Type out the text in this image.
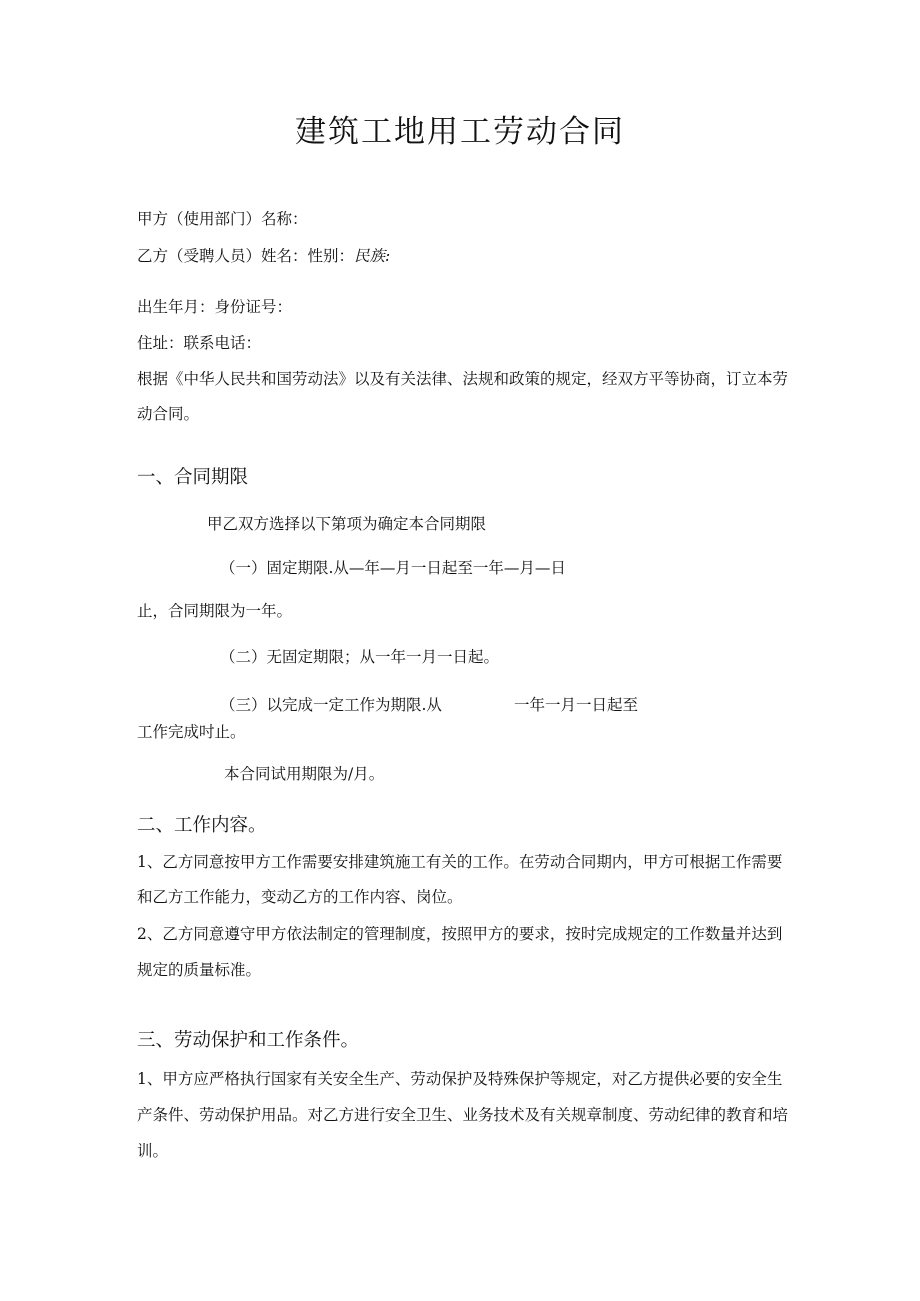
建筑工地用工劳动合同
甲方（使用部门）名称：
乙方（受聘人员）姓名：性别：民族:
出生年月：身份证号：
住址：联系电话：
根据《中华人民共和国劳动法》以及有关法律、法规和政策的规定，经双方平等协商，订立本劳
动合同。
一、合同期限
甲乙双方选择以下第项为确定本合同期限
（一）固定期限.从—年—月一日起至一年—月—日
止，合同期限为一年。
（二）无固定期限；从一年一月一日起。
（三）以完成一定工作为期限.从	一年一月一日起至
工作完成吋止。
本合同试用期限为/月。
二、工作内容。
1、乙方同意按甲方工作需要安排建筑施工有关的工作。在劳动合同期内，甲方可根据工作需要
和乙方工作能力，变动乙方的工作内容、岗位。
2、乙方同意遵守甲方依法制定的管理制度，按照甲方的要求，按时完成规定的工作数量并达到
规定的质量标准。
三、劳动保护和工作条件。
1、甲方应严格执行国家有关安全生产、劳动保护及特殊保护等规定，对乙方提供必要的安全生
产条件、劳动保护用品。对乙方进行安全卫生、业务技术及有关规章制度、劳动纪律的教育和培
训。
